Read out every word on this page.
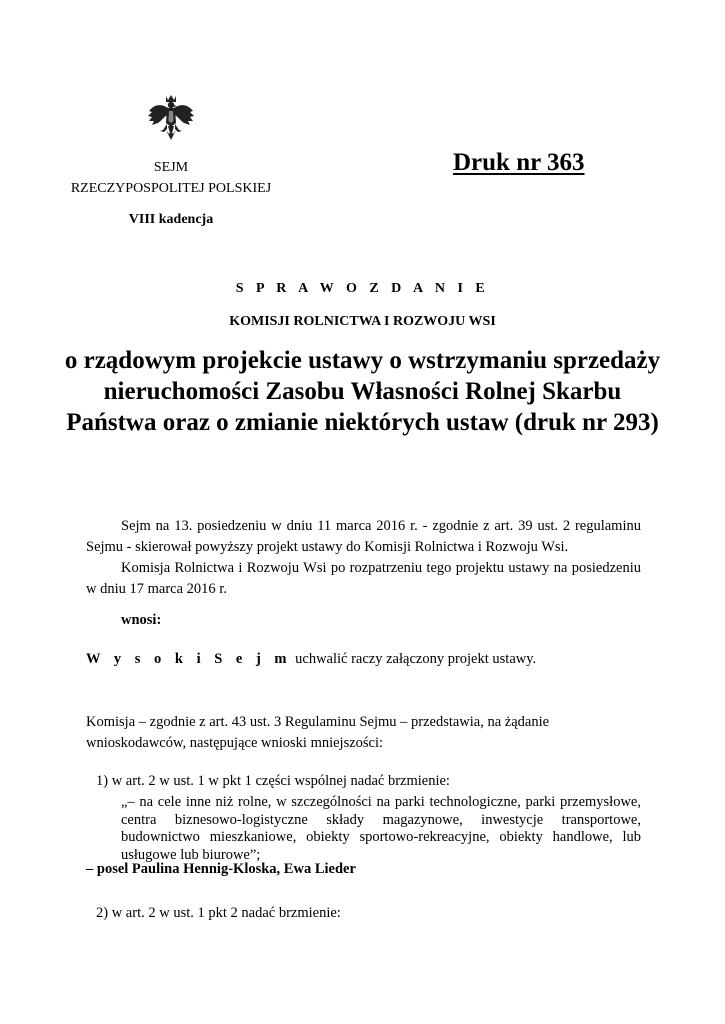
SEJM
RZECZYPOSPOLITEJ POLSKIEJ
VIII kadencja
Druk nr 363
S P R A W O Z D A N I E
KOMISJI ROLNICTWA I ROZWOJU WSI
o rządowym projekcie ustawy o wstrzymaniu sprzedaży nieruchomości Zasobu Własności Rolnej Skarbu Państwa oraz o zmianie niektórych ustaw (druk nr 293)
Sejm na 13. posiedzeniu w dniu 11 marca 2016 r. - zgodnie z art. 39 ust. 2 regulaminu Sejmu - skierował powyższy projekt ustawy do Komisji Rolnictwa i Rozwoju Wsi.
Komisja Rolnictwa i Rozwoju Wsi po rozpatrzeniu tego projektu ustawy na posiedzeniu w dniu 17 marca 2016 r.
wnosi:
W y s o k i S e j m uchwalić raczy załączony projekt ustawy.
Komisja – zgodnie z art. 43 ust. 3 Regulaminu Sejmu – przedstawia, na żądanie wnioskodawców, następujące wnioski mniejszości:
1) w art. 2 w ust. 1 w pkt 1 części wspólnej nadać brzmienie:
„– na cele inne niż rolne, w szczególności na parki technologiczne, parki przemysłowe, centra biznesowo-logistyczne składy magazynowe, inwestycje transportowe, budownictwo mieszkaniowe, obiekty sportowo-rekreacyjne, obiekty handlowe, lub usługowe lub biurowe”;
– posel Paulina Hennig-Kloska, Ewa Lieder
2) w art. 2 w ust. 1 pkt 2 nadać brzmienie:
